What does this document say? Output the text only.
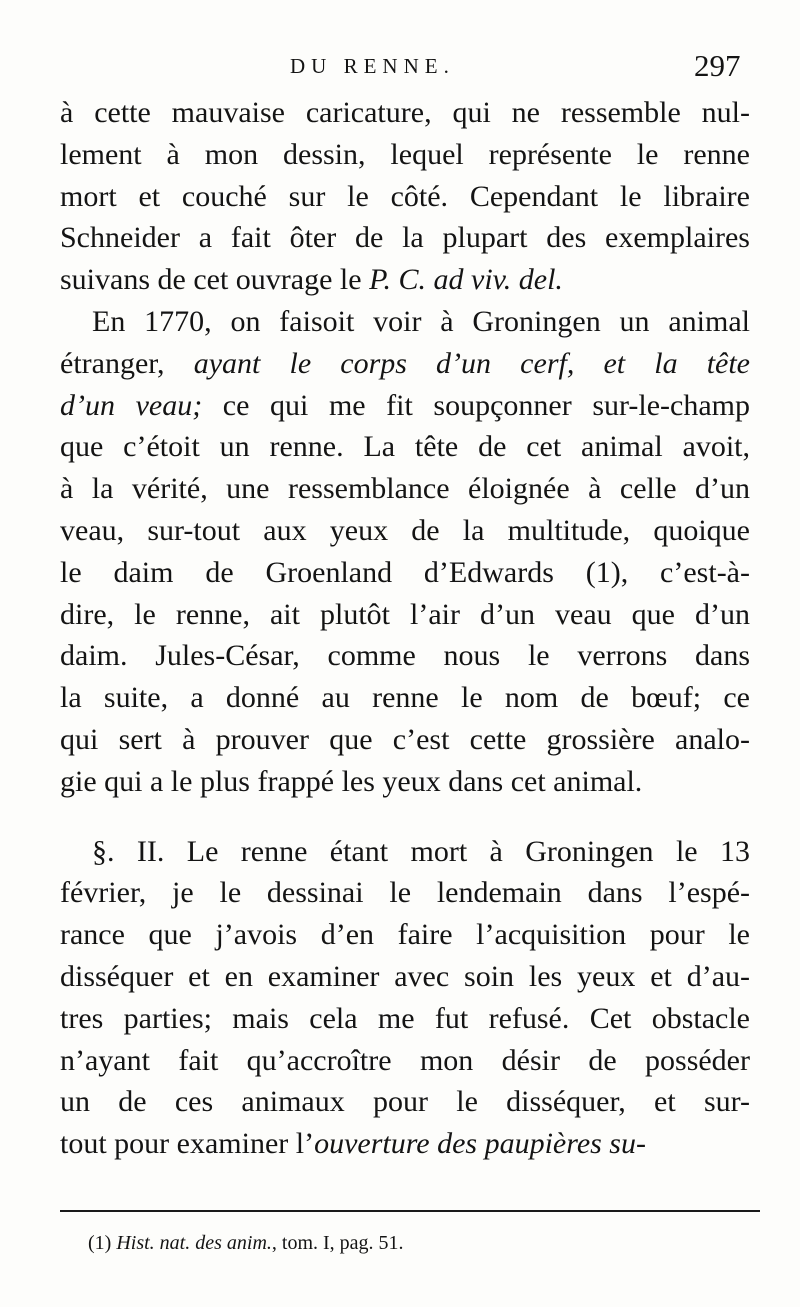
DU RENNE.	297
à cette mauvaise caricature, qui ne ressemble nul-
lement à mon dessin, lequel représente le renne
mort et couché sur le côté. Cependant le libraire
Schneider a fait ôter de la plupart des exemplaires
suivans de cet ouvrage le P. C. ad viv. del.
En 1770, on faisoit voir à Groningen un animal
étranger, ayant le corps d’un cerf, et la tête
d’un veau; ce qui me fit soupçonner sur-le-champ
que c’étoit un renne. La tête de cet animal avoit,
à la vérité, une ressemblance éloignée à celle d’un
veau, sur-tout aux yeux de la multitude, quoique
le daim de Groenland d’Edwards (1), c’est-à-
dire, le renne, ait plutôt l’air d’un veau que d’un
daim. Jules-César, comme nous le verrons dans
la suite, a donné au renne le nom de bœuf; ce
qui sert à prouver que c’est cette grossière analo-
gie qui a le plus frappé les yeux dans cet animal.
§. II. Le renne étant mort à Groningen le 13
février, je le dessinai le lendemain dans l’espé-
rance que j’avois d’en faire l’acquisition pour le
disséquer et en examiner avec soin les yeux et d’au-
tres parties; mais cela me fut refusé. Cet obstacle
n’ayant fait qu’accroître mon désir de posséder
un de ces animaux pour le disséquer, et sur-
tout pour examiner l’ouverture des paupières su-
(1) Hist. nat. des anim., tom. I, pag. 51.
